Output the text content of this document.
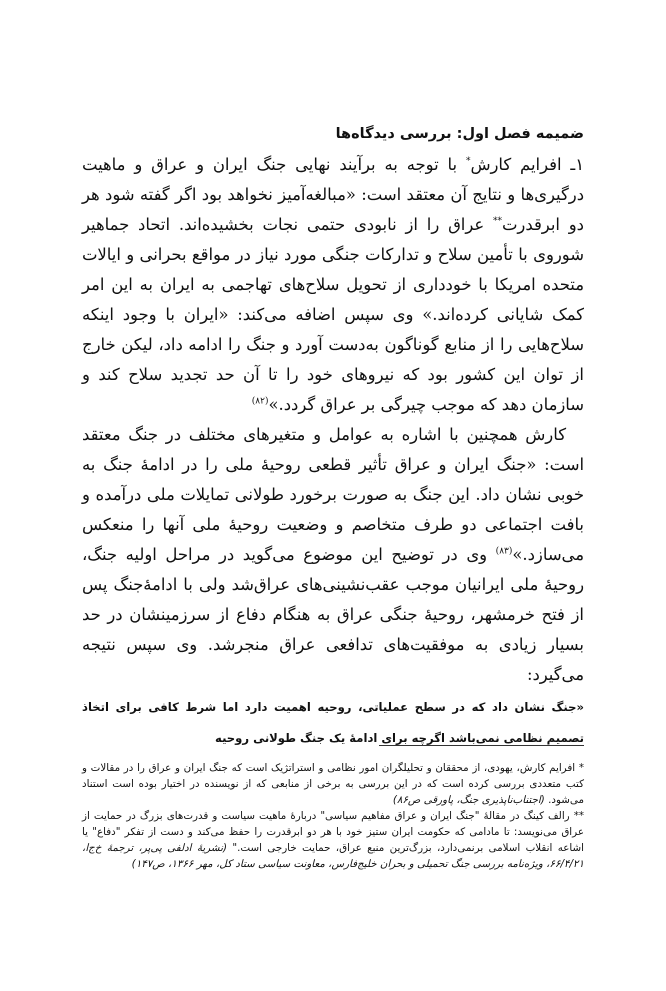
ضمیمه فصل اول: بررسی دیدگاه‌ها

۱ـ افرایم کارش* با توجه به برآیند نهایی جنگ ایران و عراق و ماهیت درگیری‌ها و نتایج آن معتقد است: «مبالغه‌آمیز نخواهد بود اگر گفته شود هر دو ابرقدرت** عراق را از نابودی حتمی نجات بخشیده‌اند. اتحاد جماهیر شوروی با تأمین سلاح و تدارکات جنگی مورد نیاز در مواقع بحرانی و ایالات متحده امریکا با خودداری از تحویل سلاح‌های تهاجمی به ایران به این امر کمک شایانی کرده‌اند.» وی سپس اضافه می‌کند: «ایران با وجود اینکه سلاح‌هایی را از منابع گوناگون به‌دست آورد و جنگ را ادامه داد، لیکن خارج از توان این کشور بود که نیروهای خود را تا آن حد تجدید سلاح کند و سازمان دهد که موجب چیرگی بر عراق گردد.»$^{(۸۲)}$

کارش همچنین با اشاره به عوامل و متغیرهای مختلف در جنگ معتقد است: «جنگ ایران و عراق تأثیر قطعی روحیهٔ ملی را در ادامهٔ جنگ به خوبی نشان داد. این جنگ به صورت برخورد طولانی تمایلات ملی درآمده و بافت اجتماعی دو طرف متخاصم و وضعیت روحیهٔ ملی آنها را منعکس می‌سازد.»$^{(۸۳)}$ وی در توضیح این موضوع می‌گوید در مراحل اولیه جنگ، روحیهٔ ملی ایرانیان موجب عقب‌نشینی‌های عراق‌شد ولی با ادامهٔ‌جنگ پس از فتح خرمشهر، روحیهٔ جنگی عراق به هنگام دفاع از سرزمینشان در حد بسیار زیادی به موفقیت‌های تدافعی عراق منجرشد. وی سپس نتیجه می‌گیرد:

«جنگ نشان داد که در سطح عملیاتی، روحیه اهمیت دارد اما شرط کافی برای اتخاذ تصمیم نظامی نمی‌باشد اگرچه برای ادامهٔ یک جنگ طولانی روحیه

* افرایم کارش، یهودی، از محققان و تحلیلگران امور نظامی و استراتژیک است که جنگ ایران و عراق را در مقالات و کتب متعددی بررسی کرده است که در این بررسی به برخی از منابعی که از نویسنده در اختیار بوده است استناد می‌شود. (اجتناب‌ناپذیری جنگ، پاورقی ص۸۶)

** رالف کینگ در مقالهٔ "جنگ ایران و عراق مفاهیم سیاسی" دربارهٔ ماهیت سیاست و قدرت‌های بزرگ در حمایت از عراق می‌نویسد: تا مادامی که حکومت ایران ستیز خود با هر دو ابرقدرت را حفظ می‌کند و دست از تفکر "دفاع" یا اشاعه انقلاب اسلامی برنمی‌دارد، بزرگ‌ترین منبع عراق، حمایت خارجی است." (نشریهٔ ادلفی پی‌پر، ترجمهٔ خ‌ج‌ا، ۶۶/۴/۲۱، ویژه‌نامه بررسی جنگ تحمیلی و بحران خلیج‌فارس، معاونت سیاسی ستاد کل، مهر ۱۳۶۶، ص۱۴۷)
